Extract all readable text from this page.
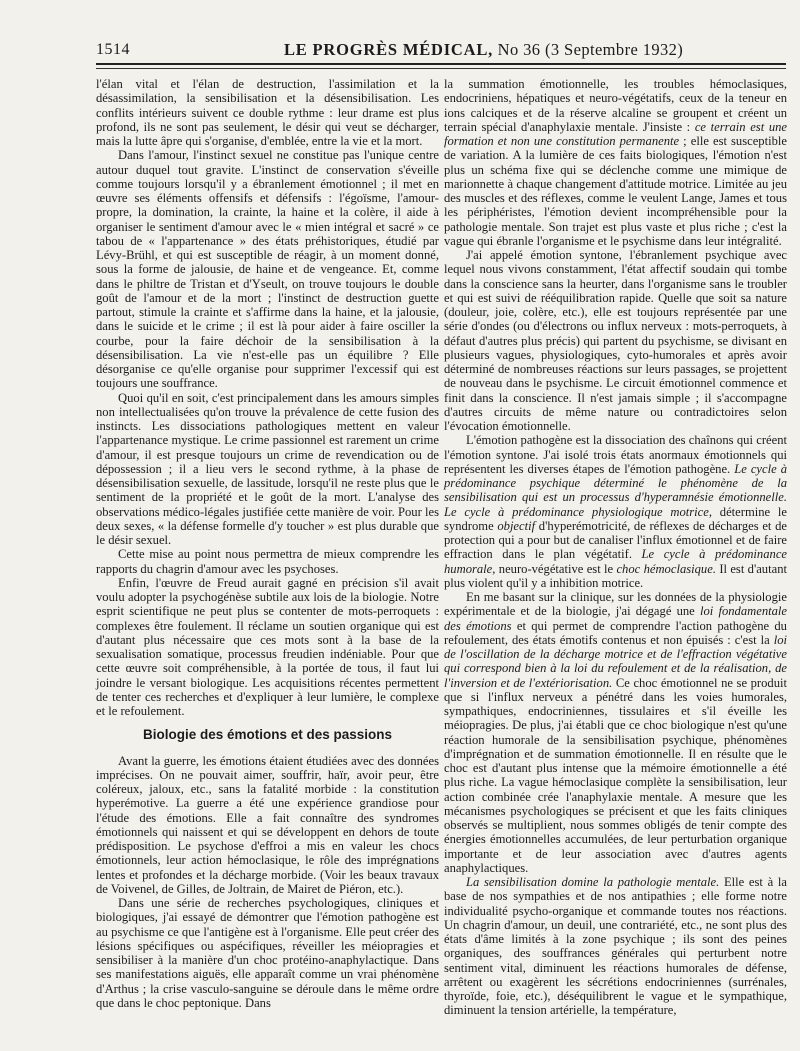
1514	LE PROGRÈS MÉDICAL, No 36 (3 Septembre 1932)

l'élan vital et l'élan de destruction, l'assimilation et la désassimilation, la sensibilisation et la désensibilisation. Les conflits intérieurs suivent ce double rythme : leur drame est plus profond, ils ne sont pas seulement, le désir qui veut se décharger, mais la lutte âpre qui s'organise, d'emblée, entre la vie et la mort.

Dans l'amour, l'instinct sexuel ne constitue pas l'unique centre autour duquel tout gravite. L'instinct de conservation s'éveille comme toujours lorsqu'il y a ébranlement émotionnel ; il met en œuvre ses éléments offensifs et défensifs : l'égoïsme, l'amour-propre, la domination, la crainte, la haine et la colère, il aide à organiser le sentiment d'amour avec le « mien intégral et sacré » ce tabou de « l'appartenance » des états préhistoriques, étudié par Lévy-Brühl, et qui est susceptible de réagir, à un moment donné, sous la forme de jalousie, de haine et de vengeance. Et, comme dans le philtre de Tristan et d'Yseult, on trouve toujours le double goût de l'amour et de la mort ; l'instinct de destruction guette partout, stimule la crainte et s'affirme dans la haine, et la jalousie, dans le suicide et le crime ; il est là pour aider à faire osciller la courbe, pour la faire déchoir de la sensibilisation à la désensibilisation. La vie n'est-elle pas un équilibre ? Elle désorganise ce qu'elle organise pour supprimer l'excessif qui est toujours une souffrance.

Quoi qu'il en soit, c'est principalement dans les amours simples non intellectualisées qu'on trouve la prévalence de cette fusion des instincts. Les dissociations pathologiques mettent en valeur l'appartenance mystique. Le crime passionnel est rarement un crime d'amour, il est presque toujours un crime de revendication ou de dépossession ; il a lieu vers le second rythme, à la phase de désensibilisation sexuelle, de lassitude, lorsqu'il ne reste plus que le sentiment de la propriété et le goût de la mort. L'analyse des observations médico-légales justifiée cette manière de voir. Pour les deux sexes, « la défense formelle d'y toucher » est plus durable que le désir sexuel.

Cette mise au point nous permettra de mieux comprendre les rapports du chagrin d'amour avec les psychoses.

Enfin, l'œuvre de Freud aurait gagné en précision s'il avait voulu adopter la psychogénèse subtile aux lois de la biologie. Notre esprit scientifique ne peut plus se contenter de mots-perroquets : complexes être foulement. Il réclame un soutien organique qui est d'autant plus nécessaire que ces mots sont à la base de la sexualisation somatique, processus freudien indéniable. Pour que cette œuvre soit compréhensible, à la portée de tous, il faut lui joindre le versant biologique. Les acquisitions récentes permettent de tenter ces recherches et d'expliquer à leur lumière, le complexe et le refoulement.

Biologie des émotions et des passions

Avant la guerre, les émotions étaient étudiées avec des données imprécises. On ne pouvait aimer, souffrir, haïr, avoir peur, être coléreux, jaloux, etc., sans la fatalité morbide : la constitution hyperémotive. La guerre a été une expérience grandiose pour l'étude des émotions. Elle a fait connaître des syndromes émotionnels qui naissent et qui se développent en dehors de toute prédisposition. Le psychose d'effroi a mis en valeur les chocs émotionnels, leur action hémoclasique, le rôle des imprégnations lentes et profondes et la décharge morbide. (Voir les beaux travaux de Voivenel, de Gilles, de Joltrain, de Mairet de Piéron, etc.).

Dans une série de recherches psychologiques, cliniques et biologiques, j'ai essayé de démontrer que l'émotion pathogène est au psychisme ce que l'antigène est à l'organisme. Elle peut créer des lésions spécifiques ou aspécifiques, réveiller les méiopragies et sensibiliser à la manière d'un choc protéino-anaphylactique. Dans ses manifestations aiguës, elle apparaît comme un vrai phénomène d'Arthus ; la crise vasculo-sanguine se déroule dans le même ordre que dans le choc peptonique. Dans

la summation émotionnelle, les troubles hémoclasiques, endocriniens, hépatiques et neuro-végétatifs, ceux de la teneur en ions calciques et de la réserve alcaline se groupent et créent un terrain spécial d'anaphylaxie mentale. J'insiste : ce terrain est une formation et non une constitution permanente ; elle est susceptible de variation. A la lumière de ces faits biologiques, l'émotion n'est plus un schéma fixe qui se déclenche comme une mimique de marionnette à chaque changement d'attitude motrice. Limitée au jeu des muscles et des réflexes, comme le veulent Lange, James et tous les périphéristes, l'émotion devient incompréhensible pour la pathologie mentale. Son trajet est plus vaste et plus riche ; c'est la vague qui ébranle l'organisme et le psychisme dans leur intégralité.

J'ai appelé émotion syntone, l'ébranlement psychique avec lequel nous vivons constamment, l'état affectif soudain qui tombe dans la conscience sans la heurter, dans l'organisme sans le troubler et qui est suivi de rééquilibration rapide. Quelle que soit sa nature (douleur, joie, colère, etc.), elle est toujours représentée par une série d'ondes (ou d'électrons ou influx nerveux : mots-perroquets, à défaut d'autres plus précis) qui partent du psychisme, se divisant en plusieurs vagues, physiologiques, cyto-humorales et après avoir déterminé de nombreuses réactions sur leurs passages, se projettent de nouveau dans le psychisme. Le circuit émotionnel commence et finit dans la conscience. Il n'est jamais simple ; il s'accompagne d'autres circuits de même nature ou contradictoires selon l'évocation émotionnelle.

L'émotion pathogène est la dissociation des chaînons qui créent l'émotion syntone. J'ai isolé trois états anormaux émotionnels qui représentent les diverses étapes de l'émotion pathogène. Le cycle à prédominance psychique déterminé le phénomène de la sensibilisation qui est un processus d'hyperamnésie émotionnelle. Le cycle à prédominance physiologique motrice, détermine le syndrome objectif d'hyperémotricité, de réflexes de décharges et de protection qui a pour but de canaliser l'influx émotionnel et de faire effraction dans le plan végétatif. Le cycle à prédominance humorale, neuro-végétative est le choc hémoclasique. Il est d'autant plus violent qu'il y a inhibition motrice.

En me basant sur la clinique, sur les données de la physiologie expérimentale et de la biologie, j'ai dégagé une loi fondamentale des émotions et qui permet de comprendre l'action pathogène du refoulement, des états émotifs contenus et non épuisés : c'est la loi de l'oscillation de la décharge motrice et de l'effraction végétative qui correspond bien à la loi du refoulement et de la réalisation, de l'inversion et de l'extériorisation. Ce choc émotionnel ne se produit que si l'influx nerveux a pénétré dans les voies humorales, sympathiques, endocriniennes, tissulaires et s'il éveille les méiopragies. De plus, j'ai établi que ce choc biologique n'est qu'une réaction humorale de la sensibilisation psychique, phénomènes d'imprégnation et de summation émotionnelle. Il en résulte que le choc est d'autant plus intense que la mémoire émotionnelle a été plus riche. La vague hémoclasique complète la sensibilisation, leur action combinée crée l'anaphylaxie mentale. A mesure que les mécanismes psychologiques se précisent et que les faits cliniques observés se multiplient, nous sommes obligés de tenir compte des énergies émotionnelles accumulées, de leur perturbation organique importante et de leur association avec d'autres agents anaphylactiques.

La sensibilisation domine la pathologie mentale. Elle est à la base de nos sympathies et de nos antipathies ; elle forme notre individualité psycho-organique et commande toutes nos réactions. Un chagrin d'amour, un deuil, une contrariété, etc., ne sont plus des états d'âme limités à la zone psychique ; ils sont des peines organiques, des souffrances générales qui perturbent notre sentiment vital, diminuent les réactions humorales de défense, arrêtent ou exagèrent les sécrétions endocriniennes (surrénales, thyroïde, foie, etc.), déséquilibrent le vague et le sympathique, diminuent la tension artérielle, la température,
